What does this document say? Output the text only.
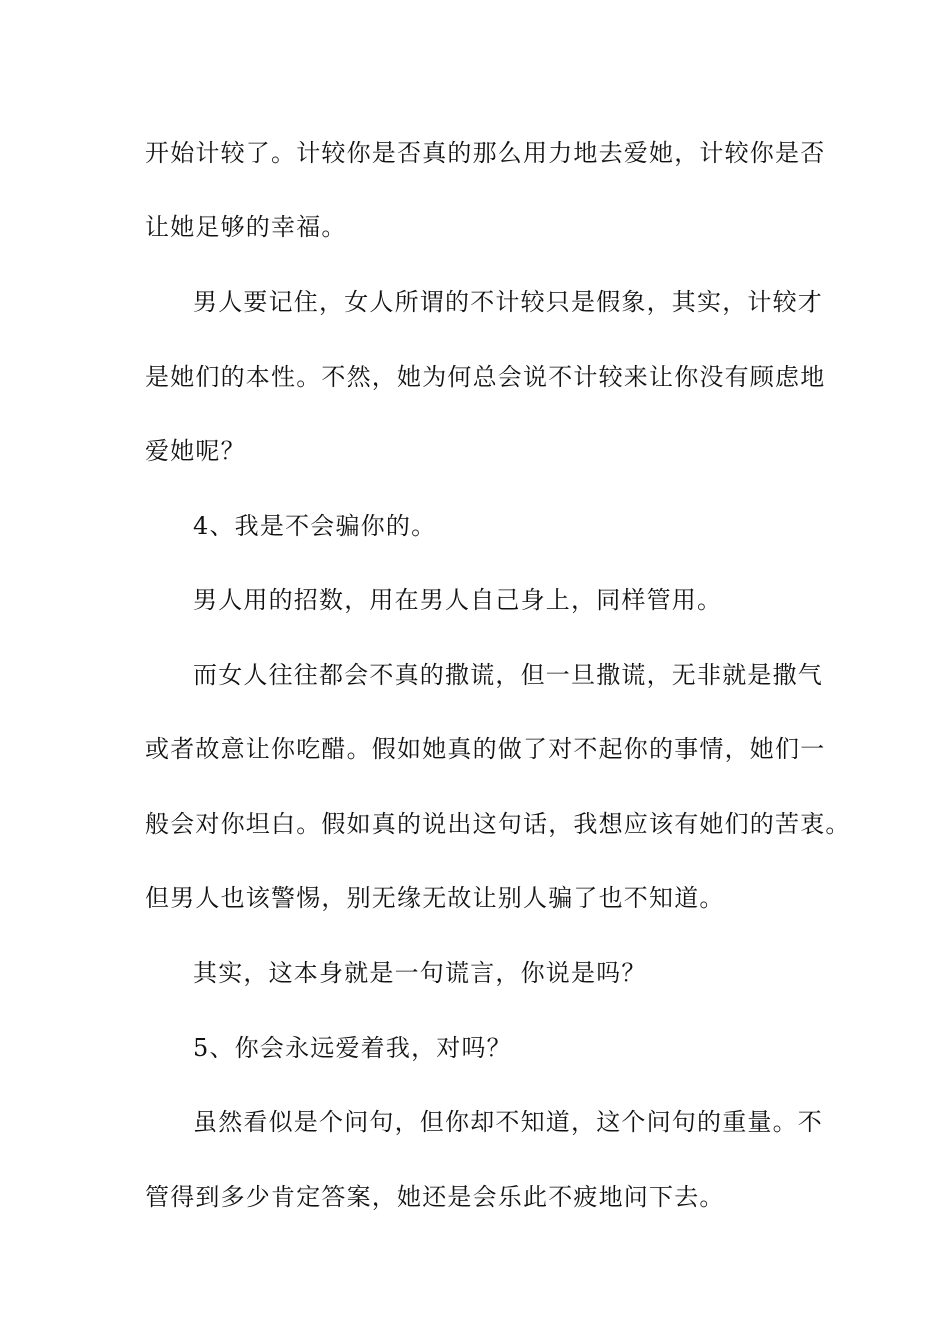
开始计较了。计较你是否真的那么用力地去爱她，计较你是否
让她足够的幸福。
男人要记住，女人所谓的不计较只是假象，其实，计较才
是她们的本性。不然，她为何总会说不计较来让你没有顾虑地
爱她呢？
4、我是不会骗你的。
男人用的招数，用在男人自己身上，同样管用。
而女人往往都会不真的撒谎，但一旦撒谎，无非就是撒气
或者故意让你吃醋。假如她真的做了对不起你的事情，她们一
般会对你坦白。假如真的说出这句话，我想应该有她们的苦衷。
但男人也该警惕，别无缘无故让别人骗了也不知道。
其实，这本身就是一句谎言，你说是吗？
5、你会永远爱着我，对吗？
虽然看似是个问句，但你却不知道，这个问句的重量。不
管得到多少肯定答案，她还是会乐此不疲地问下去。
